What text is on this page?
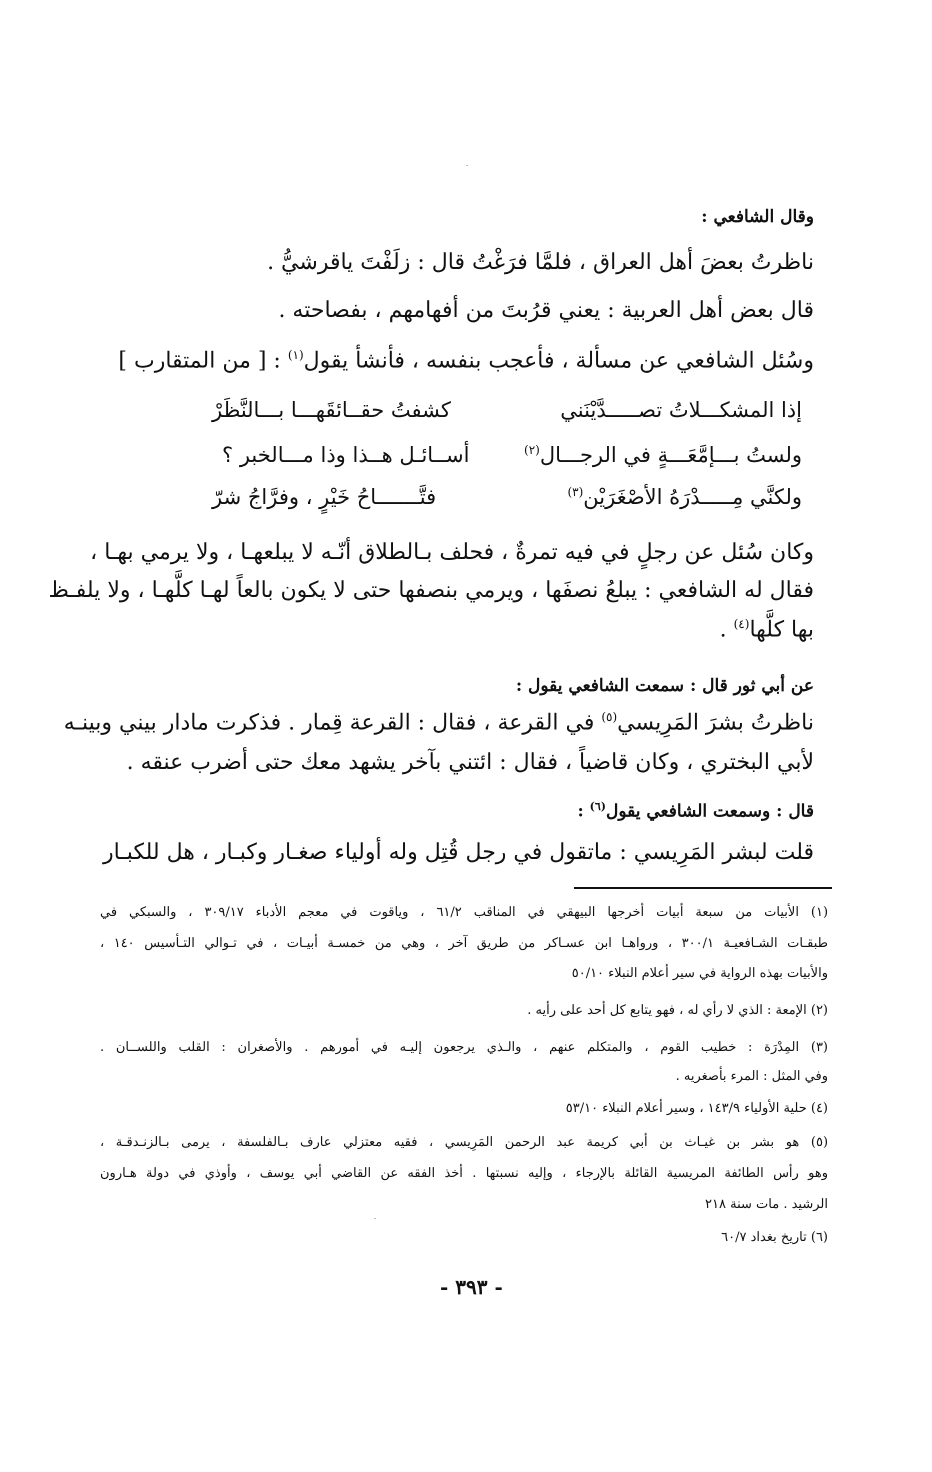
وقال الشافعي :
ناظرتُ بعضَ أهل العراق ، فلمَّا فرَغْتُ قال : زلَفْتَ ياقرشيُّ .
قال بعض أهل العربية : يعني قرُبتَ من أفهامهم ، بفصاحته .
وسُئل الشافعي عن مسألة ، فأعجب بنفسه ، فأنشأ يقول$^{(١)}$ : [ من المتقارب ]
إذا المشكـــلاتُ تصـــــدَّيْنَني
كشفتُ حقــائقَهـــا بـــالنَّظَرْ
ولستُ بـــإمَّعَـــةٍ في الرجـــال$^{(٢)}$
أســائـل هــذا وذا مـــالخبر ؟
ولكنَّي مِـــــدْرَهُ الأصْغَرَيْن$^{(٣)}$
فتَّـــــــاحُ خَيْرٍ ، وفرَّاجُ شرّ
وكان سُئل عن رجلٍ في فيه تمرةٌ ، فحلف بـالطلاق أنّـه لا يبلعهـا ، ولا يرمي بهـا ،
فقال له الشافعي : يبلعُ نصفَها ، ويرمي بنصفها حتى لا يكون بالعاً لهـا كلَّهـا ، ولا يلفـظ
بها كلَّها$^{(٤)}$ .
عن أبي ثور قال : سمعت الشافعي يقول :
ناظرتُ بشرَ المَرِيسي$^{(٥)}$ في القرعة ، فقال : القرعة قِمار . فذكرت مادار بيني وبينـه
لأبي البختري ، وكان قاضياً ، فقال : ائتني بآخر يشهد معك حتى أضرب عنقه .
قال : وسمعت الشافعي يقول$^{(٦)}$ :
قلت لبشر المَرِيسي : ماتقول في رجل قُتِل وله أولياء صغـار وكبـار ، هل للكبـار
(١) الأبيات من سبعة أبيات أخرجها البيهقي في المناقب ٦١/٢ ، وياقوت في معجم الأدباء ٣٠٩/١٧ ، والسبكي في
طبقـات الشـافعيـة ٣٠٠/١ ، ورواهـا ابن عسـاكر من طريق آخر ، وهي من خمسـة أبيـات ، في تـوالي التـأسيس ١٤٠ ،
والأبيات بهذه الرواية في سير أعلام النبلاء ٥٠/١٠
(٢) الإمعة : الذي لا رأي له ، فهو يتابع كل أحد على رأيه .
(٣) المِدْرَة : خطيب القوم ، والمتكلم عنهم ، والـذي يرجعون إليـه في أمورهم . والأصغران : القلب واللســان .
وفي المثل : المرء بأصغريه .
(٤) حلية الأولياء ١٤٣/٩ ، وسير أعلام النبلاء ٥٣/١٠
(٥) هو بشر بن غيـاث بن أبي كريمة عبد الرحمن المَرِيسي ، فقيه معتزلي عارف بـالفلسفة ، يرمى بـالزنـدقـة ،
وهو رأس الطائفة المريسية القائلة بالإرجاء ، وإليه نسبتها . أخذ الفقه عن القاضي أبي يوسف ، وأوذي في دولة هـارون
الرشيد . مات سنة ٢١٨
(٦) تاريخ بغداد ٦٠/٧
- ٣٩٣ -
